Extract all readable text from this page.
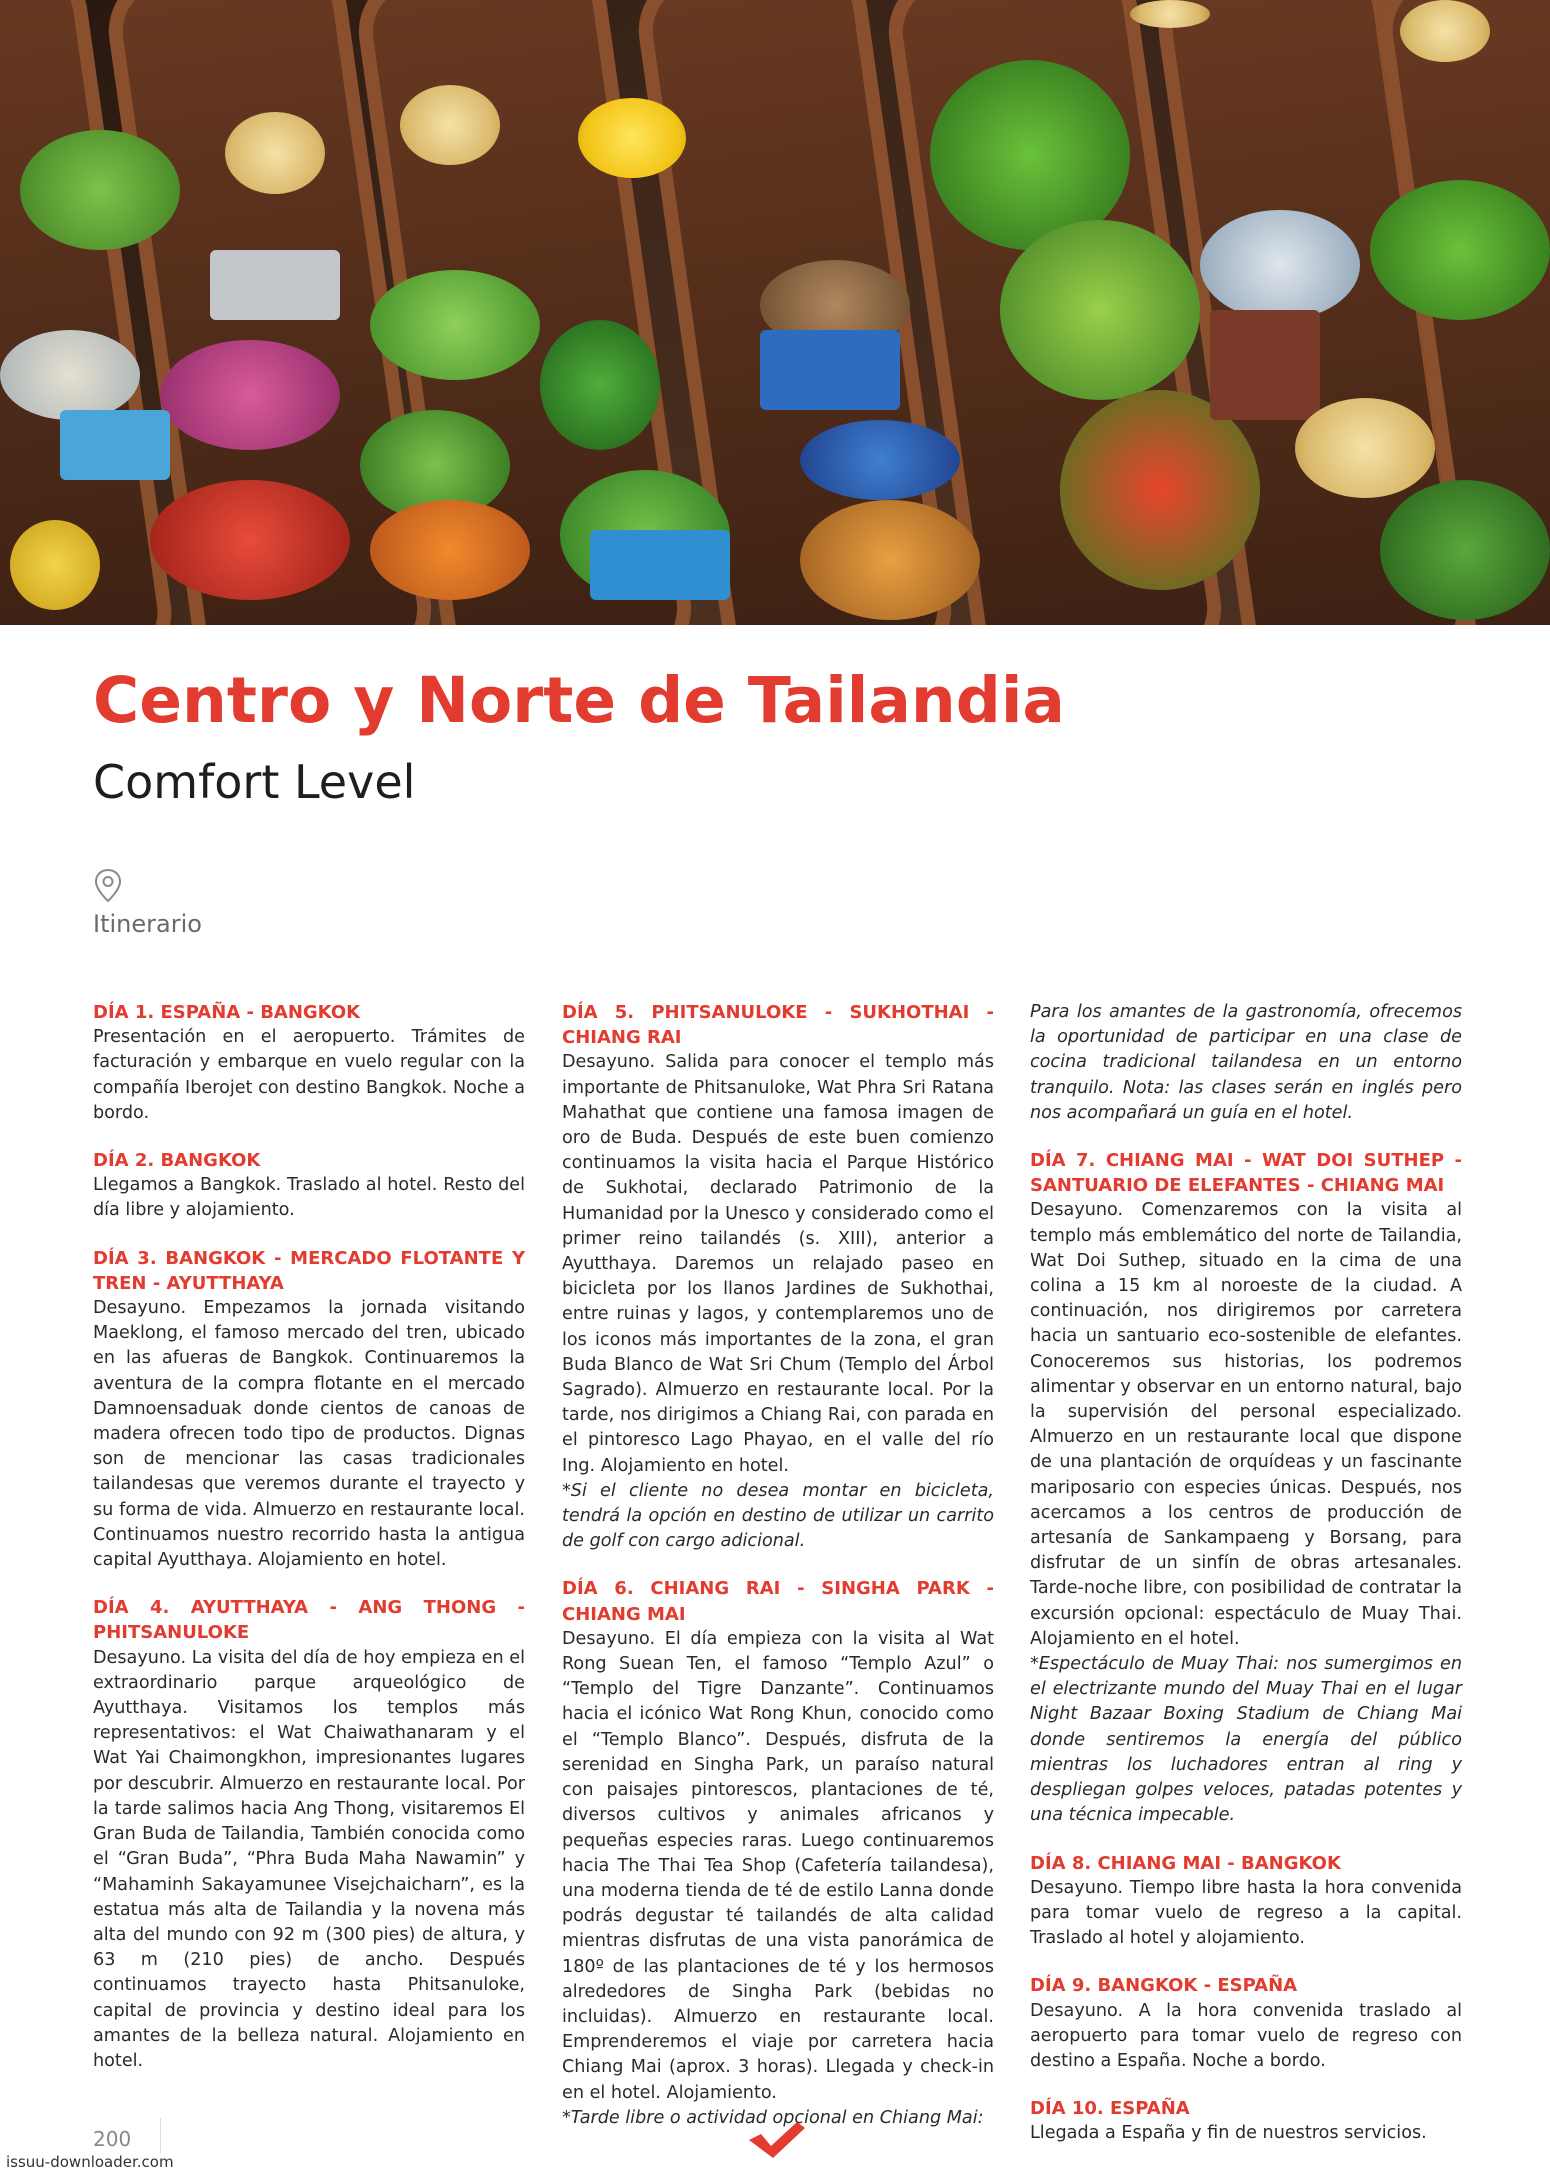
Centro y Norte de Tailandia
Comfort Level
Itinerario
DÍA 1. ESPAÑA - BANGKOK
Presentación en el aeropuerto. Trámites de facturación y embarque en vuelo regular con la compañía Iberojet con destino Bangkok. Noche a bordo.
DÍA 2. BANGKOK
Llegamos a Bangkok. Traslado al hotel. Resto del día libre y alojamiento.
DÍA 3. BANGKOK - MERCADO FLOTANTE Y TREN - AYUTTHAYA
Desayuno. Empezamos la jornada visitando Maeklong, el famoso mercado del tren, ubicado en las afueras de Bangkok. Continuaremos la aventura de la compra flotante en el mercado Damnoensaduak donde cientos de canoas de madera ofrecen todo tipo de productos. Dignas son de mencionar las casas tradicionales tailandesas que veremos durante el trayecto y su forma de vida. Almuerzo en restaurante local. Continuamos nuestro recorrido hasta la antigua capital Ayutthaya. Alojamiento en hotel.
DÍA 4. AYUTTHAYA - ANG THONG - PHITSANULOKE
Desayuno. La visita del día de hoy empieza en el extraordinario parque arqueológico de Ayutthaya. Visitamos los templos más representativos: el Wat Chaiwathanaram y el Wat Yai Chaimongkhon, impresionantes lugares por descubrir. Almuerzo en restaurante local. Por la tarde salimos hacia Ang Thong, visitaremos El Gran Buda de Tailandia, También conocida como el “Gran Buda”, “Phra Buda Maha Nawamin” y “Mahaminh Sakayamunee Visejchaicharn”, es la estatua más alta de Tailandia y la novena más alta del mundo con 92 m (300 pies) de altura, y 63 m (210 pies) de ancho. Después continuamos trayecto hasta Phitsanuloke, capital de provincia y destino ideal para los amantes de la belleza natural. Alojamiento en hotel.
DÍA 5. PHITSANULOKE - SUKHOTHAI - CHIANG RAI
Desayuno. Salida para conocer el templo más importante de Phitsanuloke, Wat Phra Sri Ratana Mahathat que contiene una famosa imagen de oro de Buda. Después de este buen comienzo continuamos la visita hacia el Parque Histórico de Sukhotai, declarado Patrimonio de la Humanidad por la Unesco y considerado como el primer reino tailandés (s. XIII), anterior a Ayutthaya. Daremos un relajado paseo en bicicleta por los llanos Jardines de Sukhothai, entre ruinas y lagos, y contemplaremos uno de los iconos más importantes de la zona, el gran Buda Blanco de Wat Sri Chum (Templo del Árbol Sagrado). Almuerzo en restaurante local. Por la tarde, nos dirigimos a Chiang Rai, con parada en el pintoresco Lago Phayao, en el valle del río Ing. Alojamiento en hotel.
*Si el cliente no desea montar en bicicleta, tendrá la opción en destino de utilizar un carrito de golf con cargo adicional.
DÍA 6. CHIANG RAI - SINGHA PARK - CHIANG MAI
Desayuno. El día empieza con la visita al Wat Rong Suean Ten, el famoso “Templo Azul” o “Templo del Tigre Danzante”. Continuamos hacia el icónico Wat Rong Khun, conocido como el “Templo Blanco”. Después, disfruta de la serenidad en Singha Park, un paraíso natural con paisajes pintorescos, plantaciones de té, diversos cultivos y animales africanos y pequeñas especies raras. Luego continuaremos hacia The Thai Tea Shop (Cafetería tailandesa), una moderna tienda de té de estilo Lanna donde podrás degustar té tailandés de alta calidad mientras disfrutas de una vista panorámica de 180º de las plantaciones de té y los hermosos alrededores de Singha Park (bebidas no incluidas). Almuerzo en restaurante local. Emprenderemos el viaje por carretera hacia Chiang Mai (aprox. 3 horas). Llegada y check-in en el hotel. Alojamiento.
*Tarde libre o actividad opcional en Chiang Mai:
Para los amantes de la gastronomía, ofrecemos la oportunidad de participar en una clase de cocina tradicional tailandesa en un entorno tranquilo. Nota: las clases serán en inglés pero nos acompañará un guía en el hotel.
DÍA 7. CHIANG MAI - WAT DOI SUTHEP - SANTUARIO DE ELEFANTES - CHIANG MAI
Desayuno. Comenzaremos con la visita al templo más emblemático del norte de Tailandia, Wat Doi Suthep, situado en la cima de una colina a 15 km al noroeste de la ciudad. A continuación, nos dirigiremos por carretera hacia un santuario eco-sostenible de elefantes. Conoceremos sus historias, los podremos alimentar y observar en un entorno natural, bajo la supervisión del personal especializado. Almuerzo en un restaurante local que dispone de una plantación de orquídeas y un fascinante mariposario con especies únicas. Después, nos acercamos a los centros de producción de artesanía de Sankampaeng y Borsang, para disfrutar de un sinfín de obras artesanales. Tarde-noche libre, con posibilidad de contratar la excursión opcional: espectáculo de Muay Thai. Alojamiento en el hotel.
*Espectáculo de Muay Thai: nos sumergimos en el electrizante mundo del Muay Thai en el lugar Night Bazaar Boxing Stadium de Chiang Mai donde sentiremos la energía del público mientras los luchadores entran al ring y despliegan golpes veloces, patadas potentes y una técnica impecable.
DÍA 8. CHIANG MAI - BANGKOK
Desayuno. Tiempo libre hasta la hora convenida para tomar vuelo de regreso a la capital. Traslado al hotel y alojamiento.
DÍA 9. BANGKOK - ESPAÑA
Desayuno. A la hora convenida traslado al aeropuerto para tomar vuelo de regreso con destino a España. Noche a bordo.
DÍA 10. ESPAÑA
Llegada a España y fin de nuestros servicios.
200
issuu-downloader.com
